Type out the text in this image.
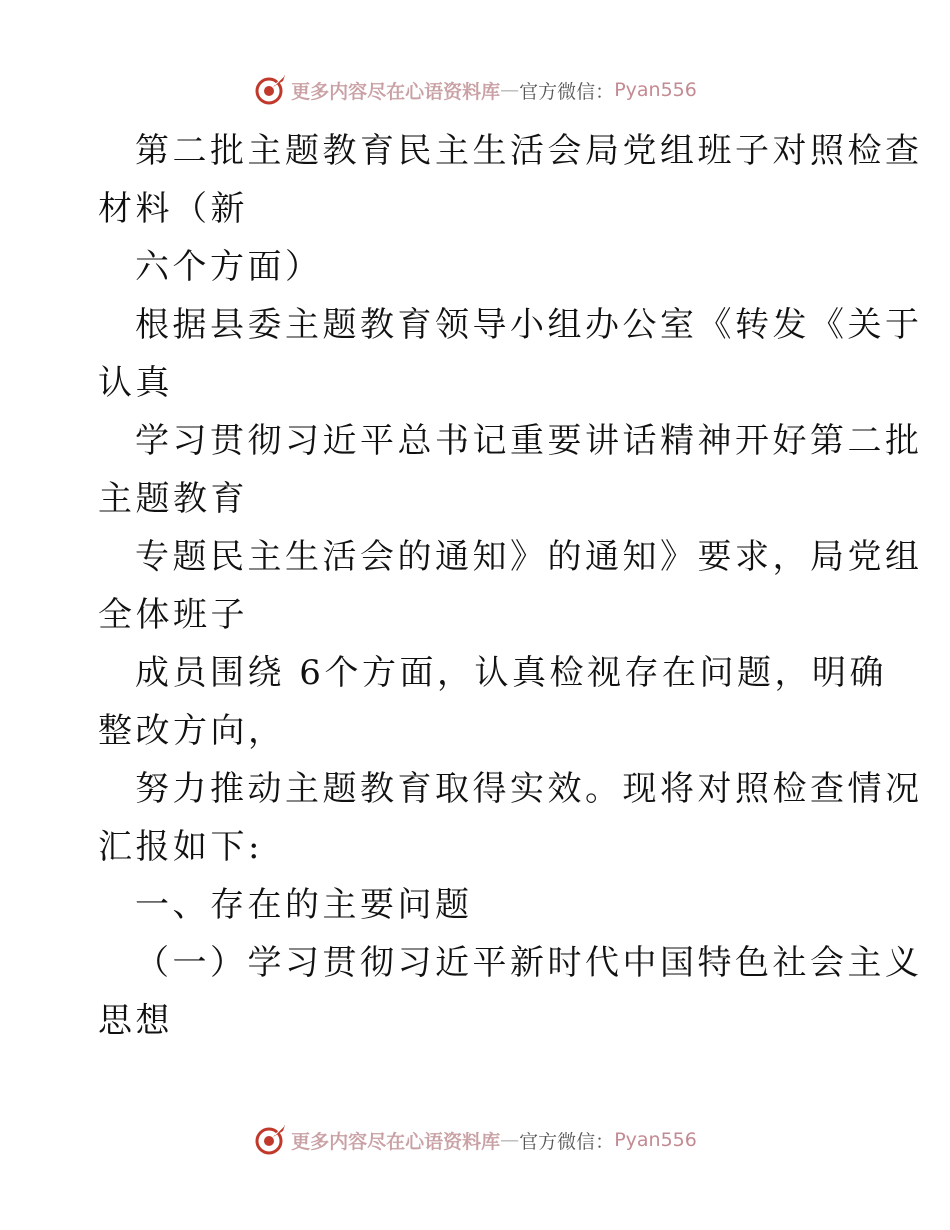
更多内容尽在心语资料库 — 官方微信： Pyan556

第二批主题教育民主生活会局党组班子对照检查

材料（新

六个方面）

根据县委主题教育领导小组办公室《转发《关于

认真

学习贯彻习近平总书记重要讲话精神开好第二批

主题教育

专题民主生活会的通知》的通知》要求，局党组

全体班子

成员围绕 6个方面，认真检视存在问题，明确

整改方向，

努力推动主题教育取得实效。现将对照检查情况

汇报如下:

一、存在的主要问题

（一）学习贯彻习近平新时代中国特色社会主义

思想

更多内容尽在心语资料库 — 官方微信： Pyan556
